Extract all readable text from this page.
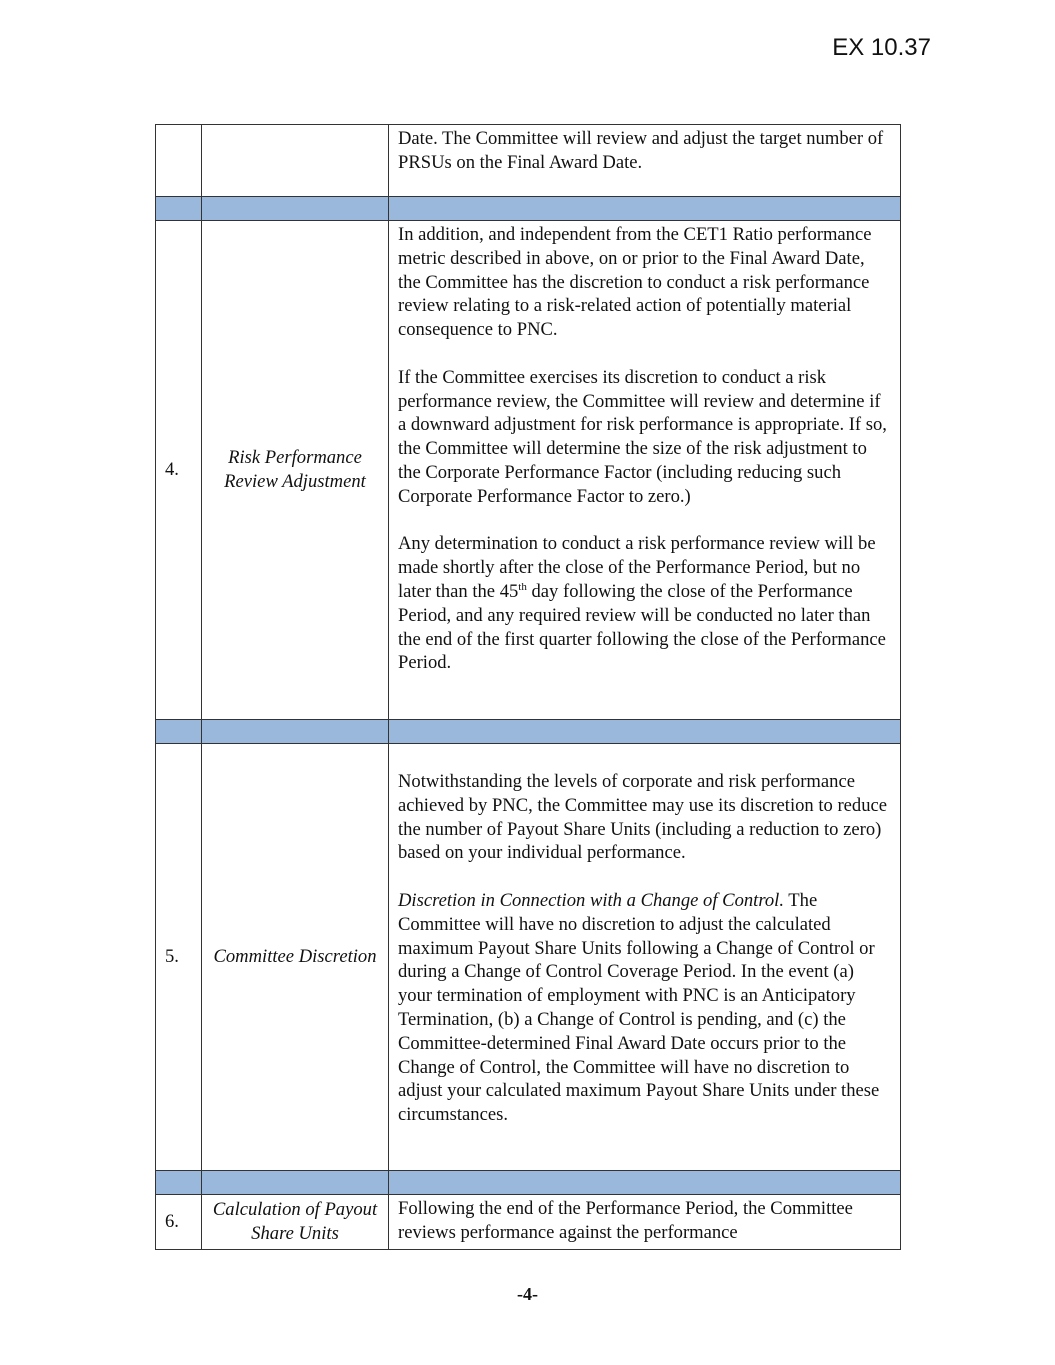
EX 10.37

		Date. The Committee will review and adjust the target number of PRSUs on the Final Award Date.

4.	Risk Performance Review Adjustment	In addition, and independent from the CET1 Ratio performance metric described in above, on or prior to the Final Award Date, the Committee has the discretion to conduct a risk performance review relating to a risk-related action of potentially material consequence to PNC.

If the Committee exercises its discretion to conduct a risk performance review, the Committee will review and determine if a downward adjustment for risk performance is appropriate. If so, the Committee will determine the size of the risk adjustment to the Corporate Performance Factor (including reducing such Corporate Performance Factor to zero.)

Any determination to conduct a risk performance review will be made shortly after the close of the Performance Period, but no later than the 45th day following the close of the Performance Period, and any required review will be conducted no later than the end of the first quarter following the close of the Performance Period.

5.	Committee Discretion	Notwithstanding the levels of corporate and risk performance achieved by PNC, the Committee may use its discretion to reduce the number of Payout Share Units (including a reduction to zero) based on your individual performance.

Discretion in Connection with a Change of Control. The Committee will have no discretion to adjust the calculated maximum Payout Share Units following a Change of Control or during a Change of Control Coverage Period. In the event (a) your termination of employment with PNC is an Anticipatory Termination, (b) a Change of Control is pending, and (c) the Committee-determined Final Award Date occurs prior to the Change of Control, the Committee will have no discretion to adjust your calculated maximum Payout Share Units under these circumstances.

6.	Calculation of Payout Share Units	Following the end of the Performance Period, the Committee reviews performance against the performance

-4-
